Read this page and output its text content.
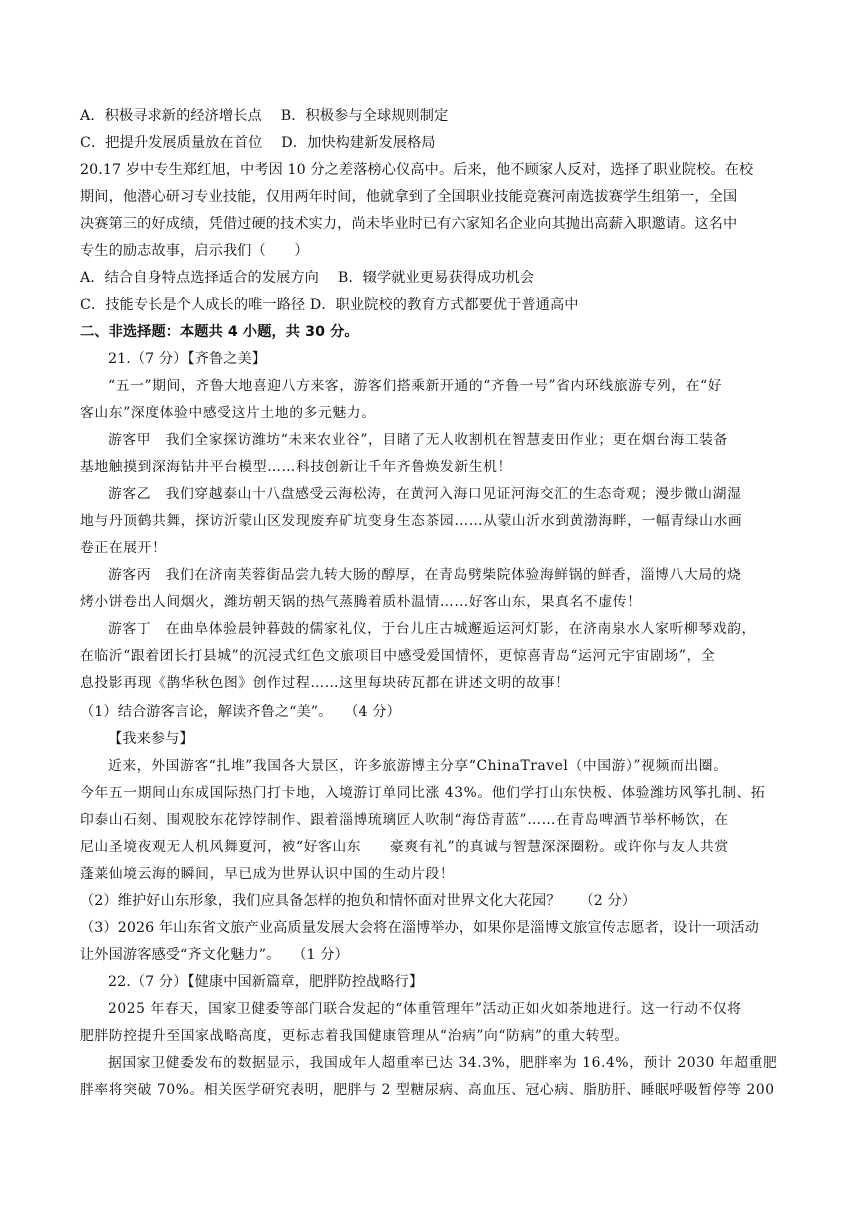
A．积极寻求新的经济增长点　 B．积极参与全球规则制定
C．把提升发展质量放在首位　 D．加快构建新发展格局
20.17 岁中专生郑红旭，中考因 10 分之差落榜心仪高中。后来，他不顾家人反对，选择了职业院校。在校
期间，他潜心研习专业技能，仅用两年时间，他就拿到了全国职业技能竞赛河南选拔赛学生组第一，全国
决赛第三的好成绩，凭借过硬的技术实力，尚未毕业时已有六家知名企业向其抛出高薪入职邀请。这名中
专生的励志故事，启示我们（　　）
A．结合自身特点选择适合的发展方向　 B．辍学就业更易获得成功机会
C．技能专长是个人成长的唯一路径 D．职业院校的教育方式都要优于普通高中
二、非选择题：本题共 4 小题，共 30 分。
21.（7 分）【齐鲁之美】
“五一”期间，齐鲁大地喜迎八方来客，游客们搭乘新开通的“齐鲁一号”省内环线旅游专列，在“好
客山东”深度体验中感受这片土地的多元魅力。
游客甲　我们全家探访潍坊“未来农业谷”，目睹了无人收割机在智慧麦田作业；更在烟台海工装备
基地触摸到深海钻井平台模型……科技创新让千年齐鲁焕发新生机！
游客乙　我们穿越泰山十八盘感受云海松涛，在黄河入海口见证河海交汇的生态奇观；漫步微山湖湿
地与丹顶鹤共舞，探访沂蒙山区发现废弃矿坑变身生态茶园……从蒙山沂水到黄渤海畔，一幅青绿山水画
卷正在展开！
游客丙　我们在济南芙蓉街品尝九转大肠的醇厚，在青岛劈柴院体验海鲜锅的鲜香，淄博八大局的烧
烤小饼卷出人间烟火，潍坊朝天锅的热气蒸腾着质朴温情……好客山东，果真名不虚传！
游客丁　在曲阜体验晨钟暮鼓的儒家礼仪，于台儿庄古城邂逅运河灯影，在济南泉水人家听柳琴戏韵，
在临沂“跟着团长打县城”的沉浸式红色文旅项目中感受爱国情怀，更惊喜青岛“运河元宇宙剧场”，全
息投影再现《鹊华秋色图》创作过程……这里每块砖瓦都在讲述文明的故事！
（1）结合游客言论，解读齐鲁之“美”。　 （4 分）
【我来参与】
近来，外国游客“扎堆”我国各大景区，许多旅游博主分享“ChinaTravel（中国游）”视频而出圈。
今年五一期间山东成国际热门打卡地，入境游订单同比涨 43%。他们学打山东快板、体验潍坊风筝扎制、拓
印泰山石刻、围观胶东花饽饽制作、跟着淄博琉璃匠人吹制“海岱青蓝”……在青岛啤酒节举杯畅饮，在
尼山圣境夜观无人机风舞夏河，被“好客山东　　豪爽有礼”的真诚与智慧深深圈粉。或许你与友人共赏
蓬莱仙境云海的瞬间，早已成为世界认识中国的生动片段！
（2）维护好山东形象，我们应具备怎样的抱负和情怀面对世界文化大花园？　 （2 分）
（3）2026 年山东省文旅产业高质量发展大会将在淄博举办，如果你是淄博文旅宣传志愿者，设计一项活动
让外国游客感受“齐文化魅力”。　 （1 分）
22.（7 分）【健康中国新篇章，肥胖防控战略行】
2025 年春天，国家卫健委等部门联合发起的“体重管理年”活动正如火如荼地进行。这一行动不仅将
肥胖防控提升至国家战略高度，更标志着我国健康管理从“治病”向“防病”的重大转型。
据国家卫健委发布的数据显示，我国成年人超重率已达 34.3%，肥胖率为 16.4%，预计 2030 年超重肥
胖率将突破 70%。相关医学研究表明，肥胖与 2 型糖尿病、高血压、冠心病、脂肪肝、睡眠呼吸暂停等 200
